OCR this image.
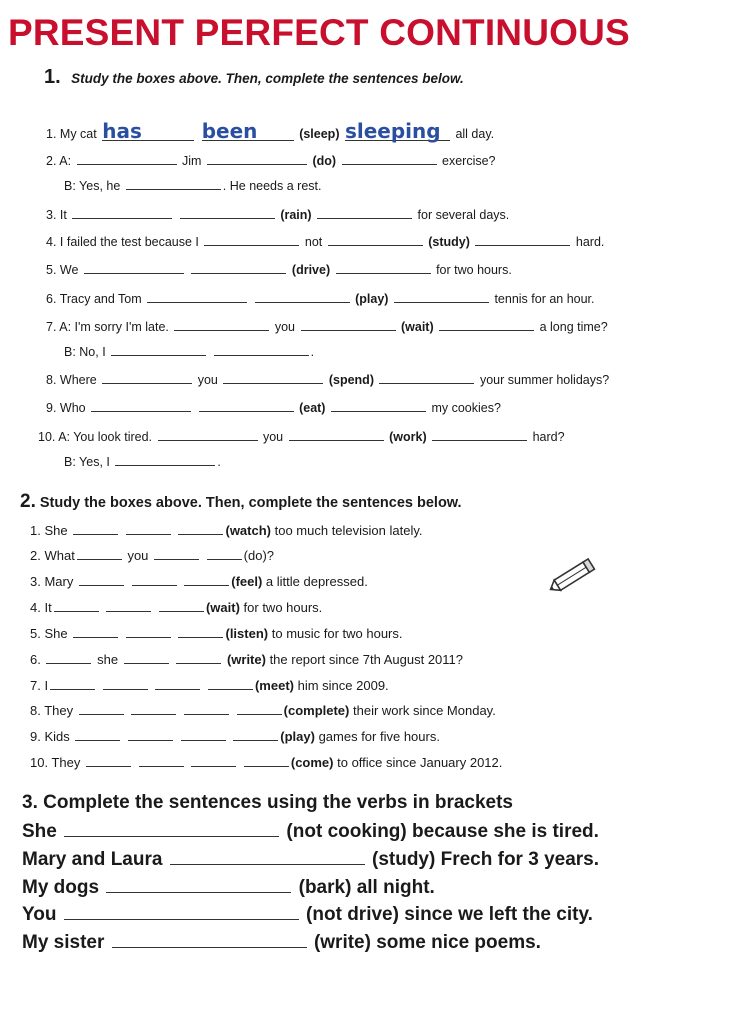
PRESENT PERFECT CONTINUOUS
1. Study the boxes above. Then, complete the sentences below.
1. My cat has	been	(sleep) sleeping all day.
2. A:	Jim	(do)	exercise?
B: Yes, he	. He needs a rest.
3. It	(rain)	for several days.
4. I failed the test because I	not	(study)	hard.
5. We	(drive)	for two hours.
6. Tracy and Tom	(play)	tennis for an hour.
7. A: I'm sorry I'm late.	you	(wait)	a long time?
B: No, I	.
8. Where	you	(spend)	your summer holidays?
9. Who	(eat)	my cookies?
10. A: You look tired.	you	(work)	hard?
B: Yes, I	.
2. Study the boxes above. Then, complete the sentences below.
1. She	(watch) too much television lately.
2. What	you	(do)?
3. Mary	(feel) a little depressed.
4. It	(wait) for two hours.
5. She	(listen) to music for two hours.
6.	she	(write) the report since 7th August 2011?
7. I	(meet) him since 2009.
8. They	(complete) their work since Monday.
9. Kids	(play) games for five hours.
10. They	(come) to office since January 2012.
3. Complete the sentences using the verbs in brackets
She	(not cooking) because she is tired.
Mary and Laura	(study) Frech for 3 years.
My dogs	(bark) all night.
You	(not drive) since we left the city.
My sister	(write) some nice poems.
